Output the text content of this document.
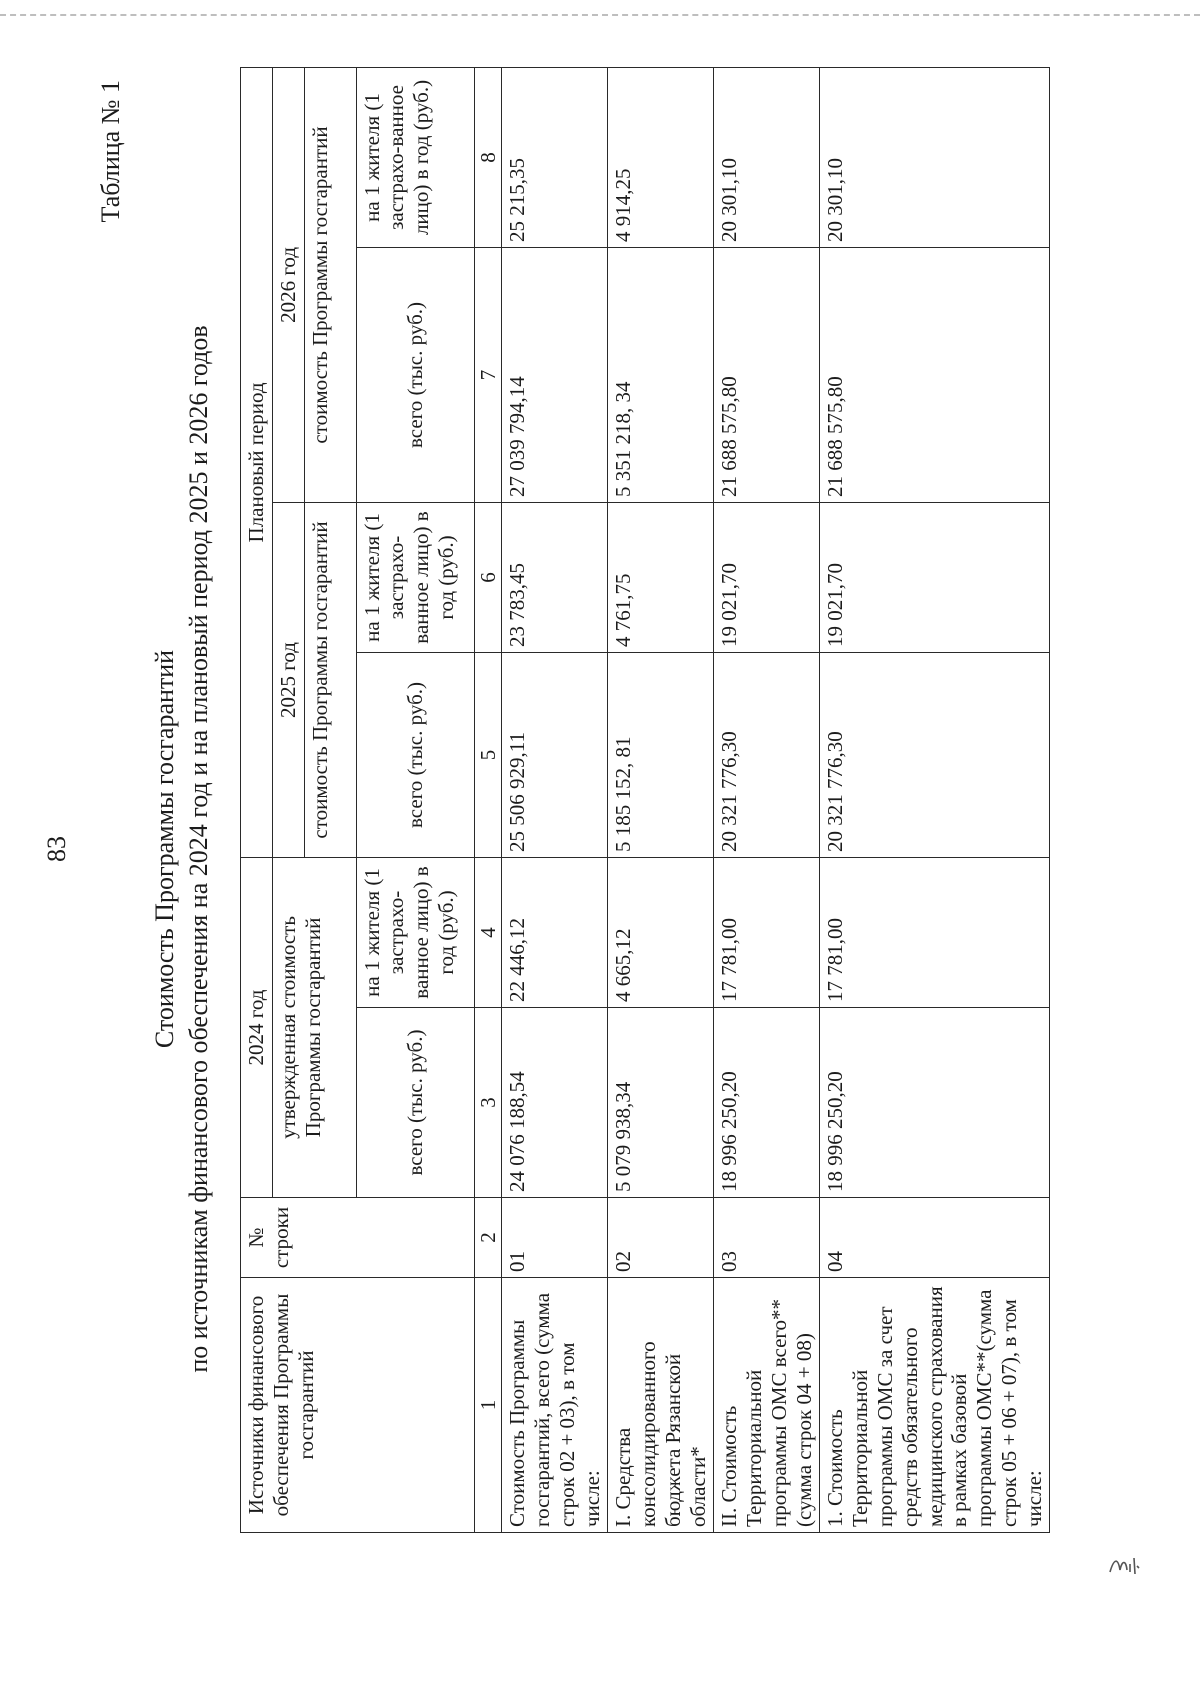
83
Таблица № 1
Стоимость Программы госгарантий по источникам финансового обеспечения на 2024 год и на плановый период 2025 и 2026 годов
Источники финансового обеспечения Программы госгарантий	№ строки	2024 год		Плановый период			
		утвержденная стоимость Программы госгарантий		2025 год		2026 год	
				стоимость Программы госгарантий		стоимость Программы госгарантий	
		всего (тыс. руб.)	на 1 жителя (1 застрахо-ванное лицо) в год (руб.)	всего (тыс. руб.)	на 1 жителя (1 застрахо-ванное лицо) в год (руб.)	всего (тыс. руб.)	на 1 жителя (1 застрахо-ванное лицо) в год (руб.)
1	2	3	4	5	6	7	8
Стоимость Программы госгарантий, всего (сумма строк 02 + 03), в том числе:	01	24 076 188,54	22 446,12	25 506 929,11	23 783,45	27 039 794,14	25 215,35
I. Средства консолидированного бюджета Рязанской области*	02	5 079 938,34	4 665,12	5 185 152, 81	4 761,75	5 351 218, 34	4 914,25
II. Стоимость Территориальной программы ОМС всего** (сумма строк 04 + 08)	03	18 996 250,20	17 781,00	20 321 776,30	19 021,70	21 688 575,80	20 301,10
1. Стоимость Территориальной программы ОМС за счет средств обязательного медицинского страхования в рамках базовой программы ОМС**(сумма строк 05 + 06 + 07), в том числе:	04	18 996 250,20	17 781,00	20 321 776,30	19 021,70	21 688 575,80	20 301,10
